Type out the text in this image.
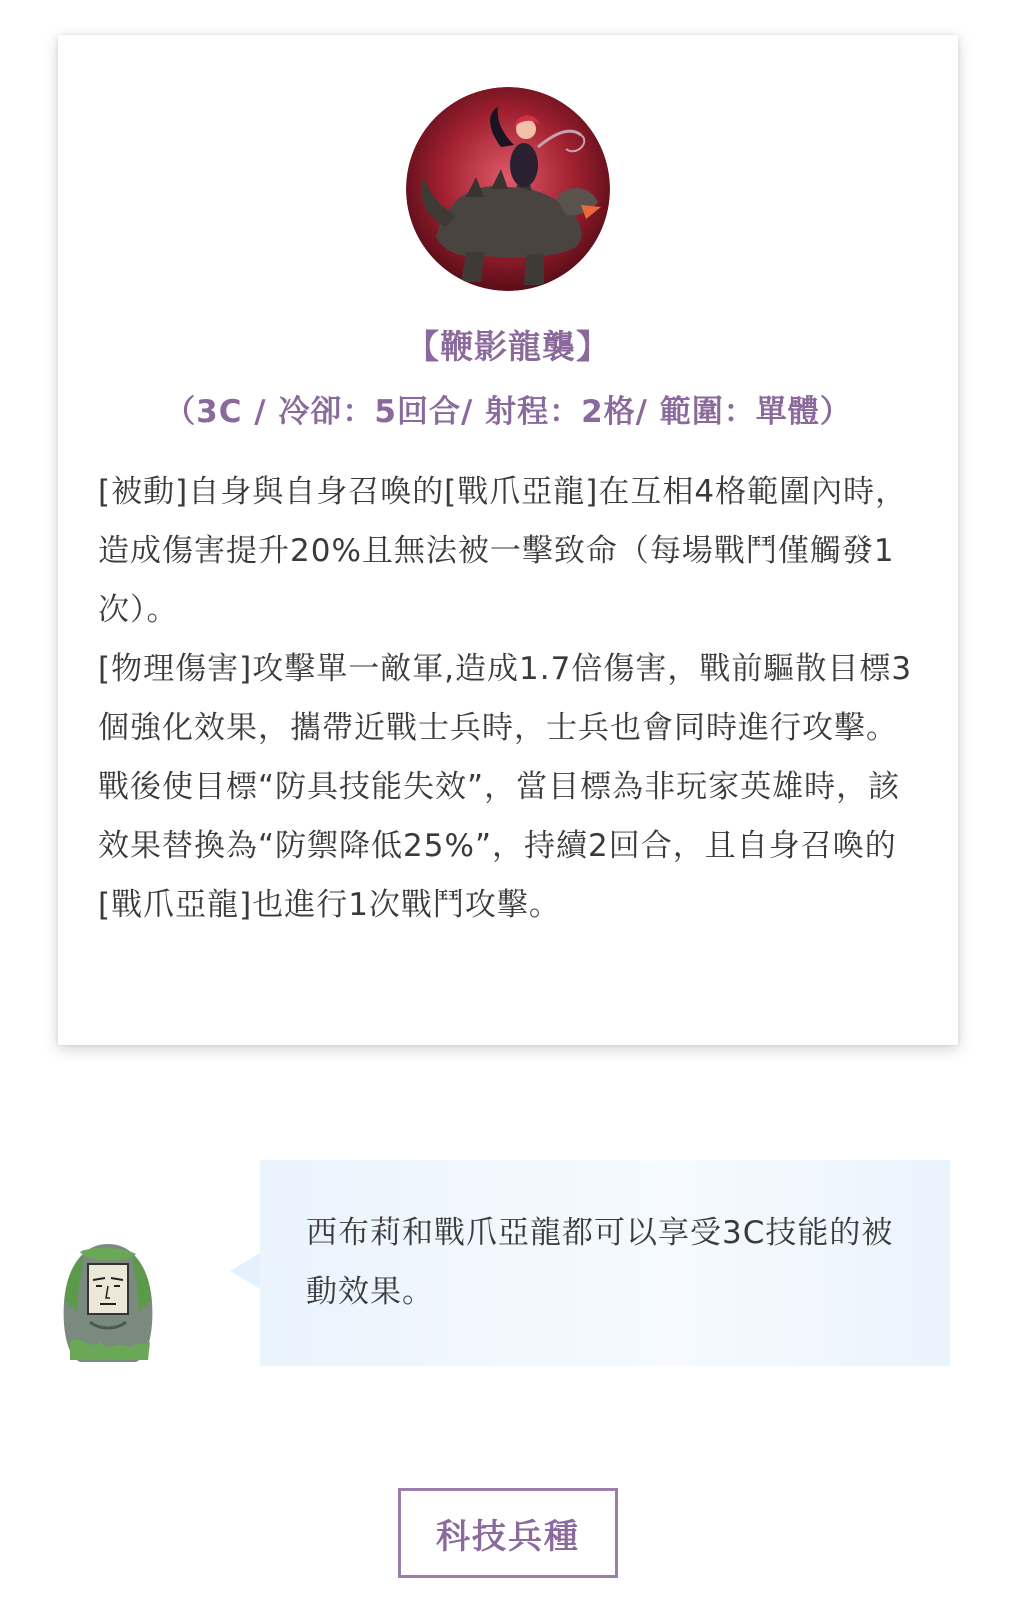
【鞭影龍襲】
（3C / 冷卻：5回合/ 射程：2格/ 範圍：單體）

[被動]自身與自身召喚的[戰爪亞龍]在互相4格範圍內時，造成傷害提升20%且無法被一擊致命（每場戰鬥僅觸發1次）。

[物理傷害]攻擊單一敵軍,造成1.7倍傷害，戰前驅散目標3個強化效果，攜帶近戰士兵時，士兵也會同時進行攻擊。戰後使目標“防具技能失效”，當目標為非玩家英雄時，該效果替換為“防禦降低25%”，持續2回合，且自身召喚的[戰爪亞龍]也進行1次戰鬥攻擊。

西布莉和戰爪亞龍都可以享受3C技能的被動效果。
科技兵種
